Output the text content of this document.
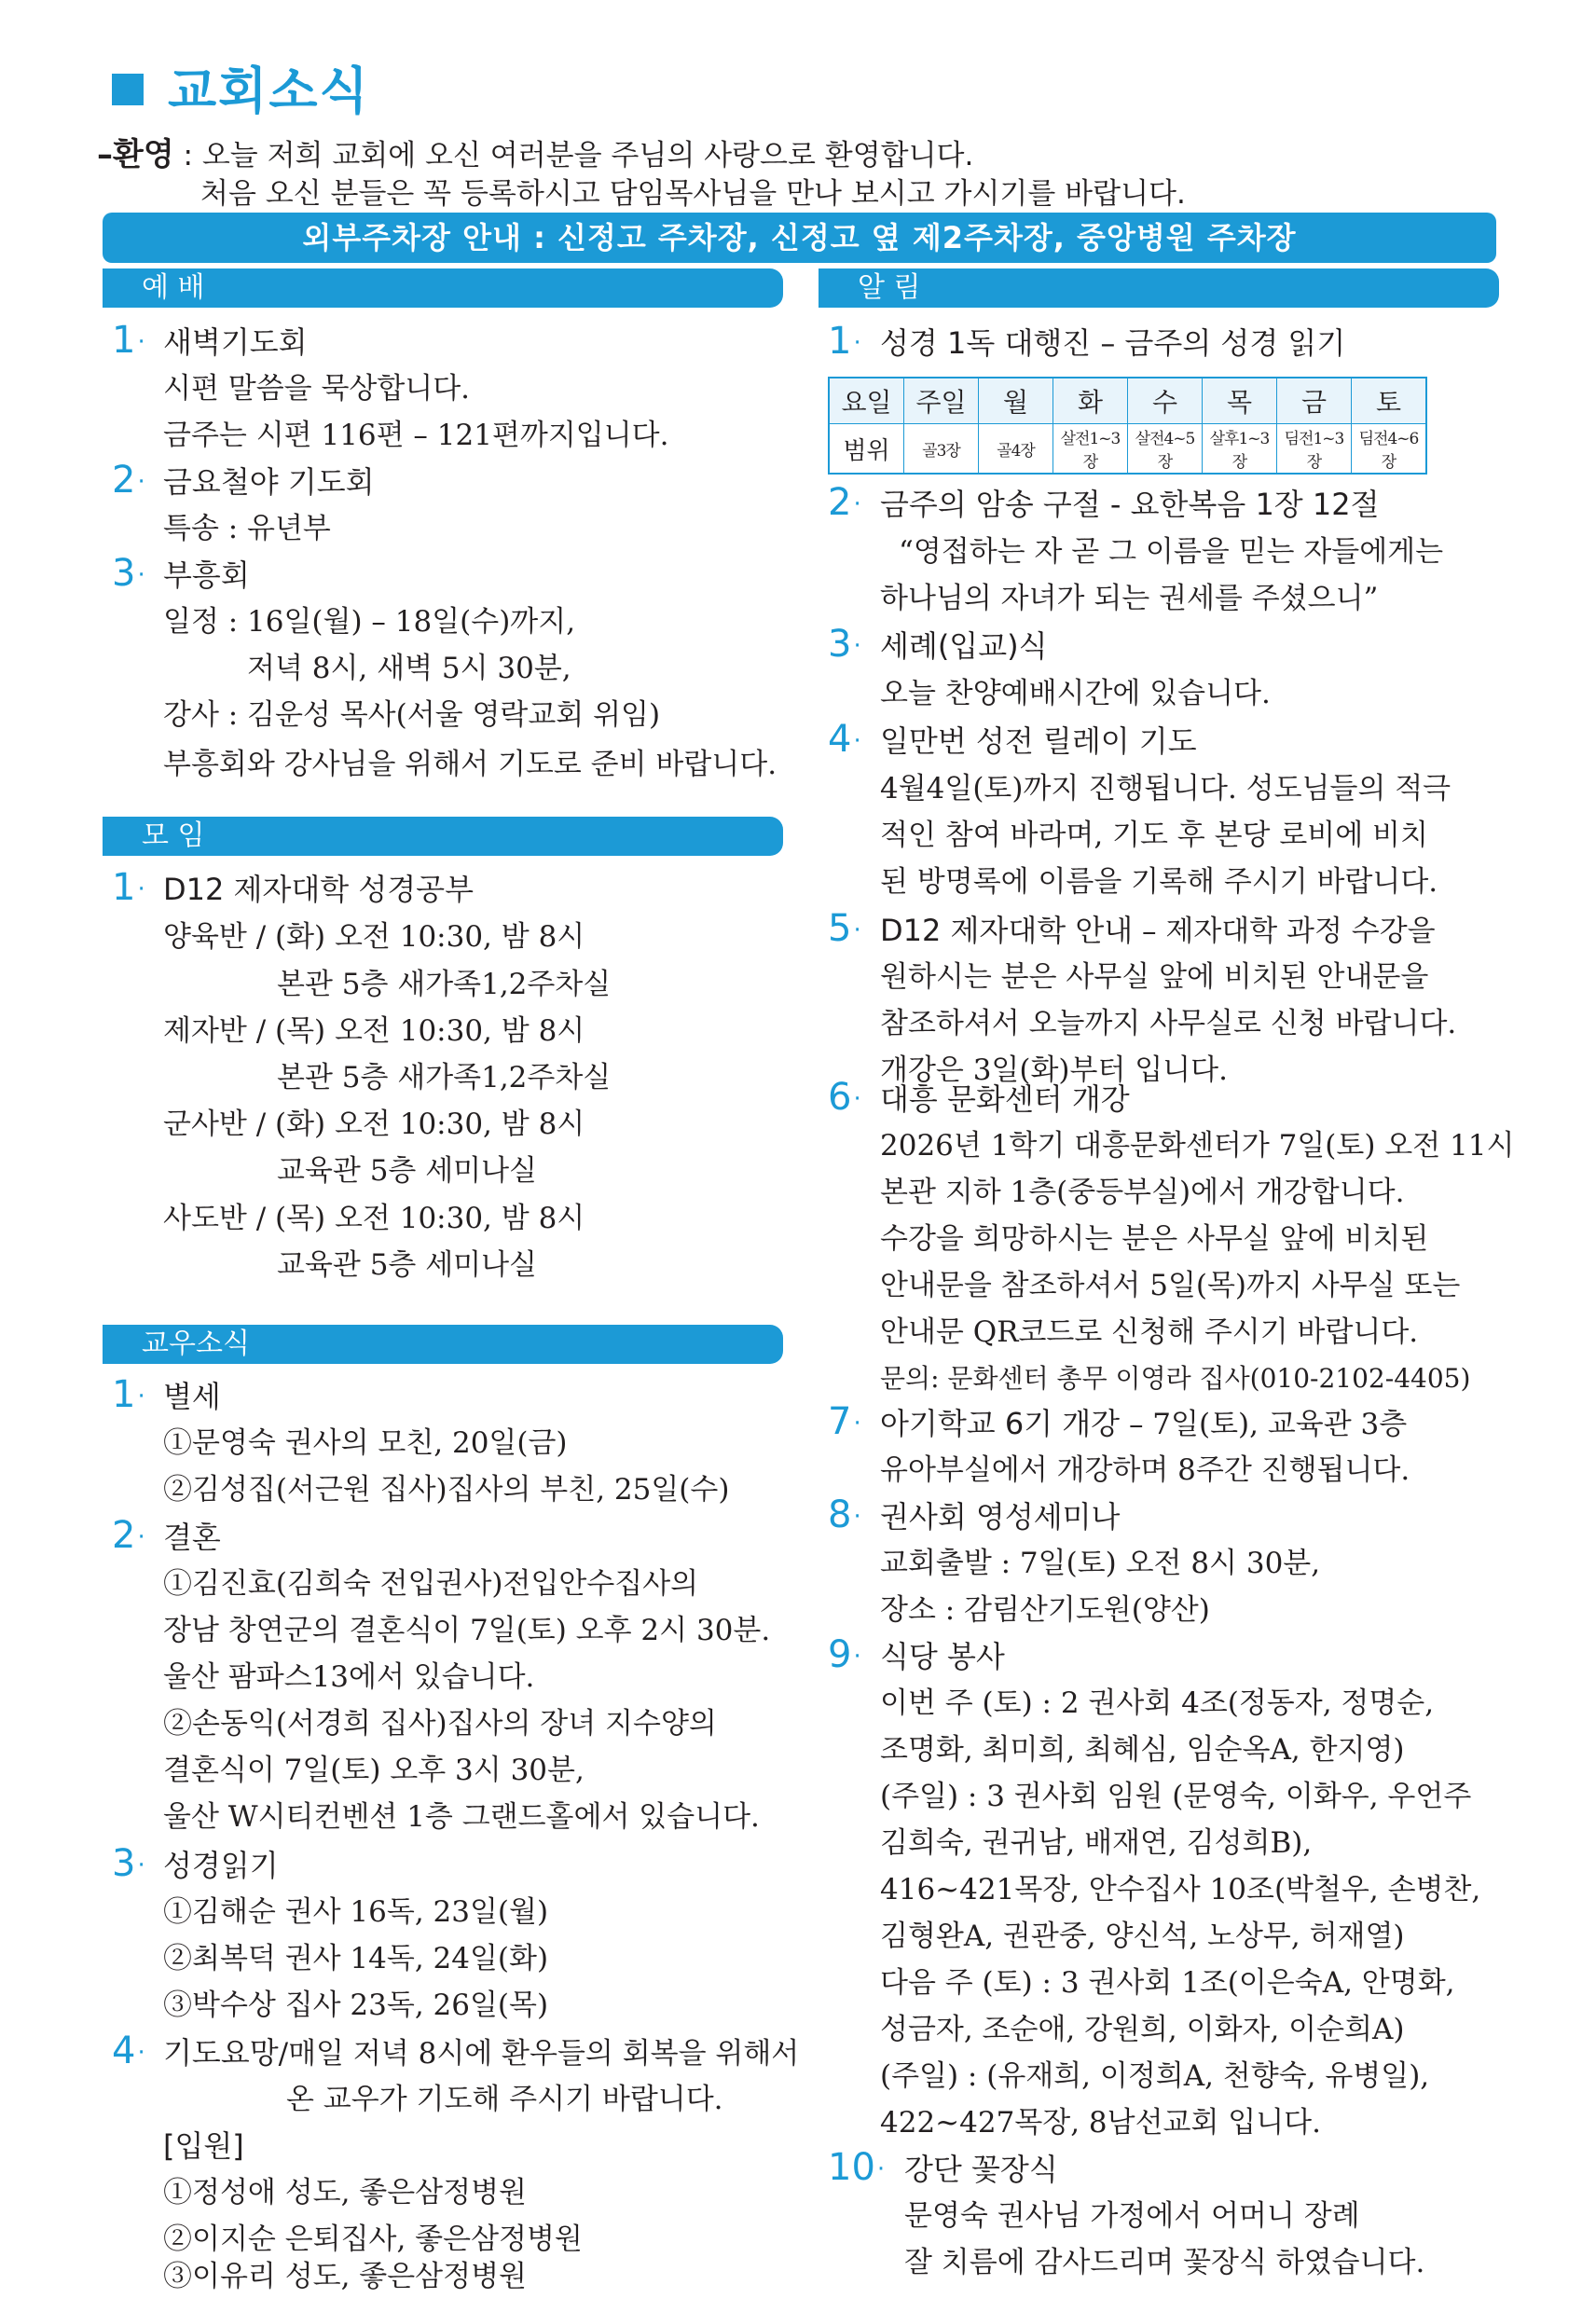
교회소식
–환영 : 오늘 저희 교회에 오신 여러분을 주님의 사랑으로 환영합니다.
처음 오신 분들은 꼭 등록하시고 담임목사님을 만나 보시고 가시기를 바랍니다.
외부주차장 안내 : 신정고 주차장, 신정고 옆 제2주차장, 중앙병원 주차장
예 배
1· 새벽기도회
시편 말씀을 묵상합니다.
금주는 시편 116편 – 121편까지입니다.
2· 금요철야 기도회
특송 : 유년부
3· 부흥회
일정 : 16일(월) – 18일(수)까지,
저녁 8시, 새벽 5시 30분,
강사 : 김운성 목사(서울 영락교회 위임)
부흥회와 강사님을 위해서 기도로 준비 바랍니다.
모 임
1· D12 제자대학 성경공부
양육반 / (화) 오전 10:30, 밤 8시
본관 5층 새가족1,2주차실
제자반 / (목) 오전 10:30, 밤 8시
본관 5층 새가족1,2주차실
군사반 / (화) 오전 10:30, 밤 8시
교육관 5층 세미나실
사도반 / (목) 오전 10:30, 밤 8시
교육관 5층 세미나실
교우소식
1· 별세
①문영숙 권사의 모친, 20일(금)
②김성집(서근원 집사)집사의 부친, 25일(수)
2· 결혼
①김진효(김희숙 전입권사)전입안수집사의
장남 창연군의 결혼식이 7일(토) 오후 2시 30분.
울산 팜파스13에서 있습니다.
②손동익(서경희 집사)집사의 장녀 지수양의
결혼식이 7일(토) 오후 3시 30분,
울산 W시티컨벤션 1층 그랜드홀에서 있습니다.
3· 성경읽기
①김해순 권사 16독, 23일(월)
②최복덕 권사 14독, 24일(화)
③박수상 집사 23독, 26일(목)
4· 기도요망/매일 저녁 8시에 환우들의 회복을 위해서
온 교우가 기도해 주시기 바랍니다.
[입원]
①정성애 성도, 좋은삼정병원
②이지순 은퇴집사, 좋은삼정병원
③이유리 성도, 좋은삼정병원
알 림
1· 성경 1독 대행진 – 금주의 성경 읽기
요일	주일	월	화	수	목	금	토
범위	골3장	골4장	살전1~3장	살전4~5장	살후1~3장	딤전1~3장	딤전4~6장
2· 금주의 암송 구절 - 요한복음 1장 12절
“영접하는 자 곧 그 이름을 믿는 자들에게는
하나님의 자녀가 되는 권세를 주셨으니”
3· 세례(입교)식
오늘 찬양예배시간에 있습니다.
4· 일만번 성전 릴레이 기도
4월4일(토)까지 진행됩니다. 성도님들의 적극
적인 참여 바라며, 기도 후 본당 로비에 비치
된 방명록에 이름을 기록해 주시기 바랍니다.
5· D12 제자대학 안내 – 제자대학 과정 수강을
원하시는 분은 사무실 앞에 비치된 안내문을
참조하셔서 오늘까지 사무실로 신청 바랍니다.
개강은 3일(화)부터 입니다.
6· 대흥 문화센터 개강
2026년 1학기 대흥문화센터가 7일(토) 오전 11시
본관 지하 1층(중등부실)에서 개강합니다.
수강을 희망하시는 분은 사무실 앞에 비치된
안내문을 참조하셔서 5일(목)까지 사무실 또는
안내문 QR코드로 신청해 주시기 바랍니다.
문의: 문화센터 총무 이영라 집사(010-2102-4405)
7· 아기학교 6기 개강 – 7일(토), 교육관 3층
유아부실에서 개강하며 8주간 진행됩니다.
8· 권사회 영성세미나
교회출발 : 7일(토) 오전 8시 30분,
장소 : 감림산기도원(양산)
9· 식당 봉사
이번 주 (토) : 2 권사회 4조(정동자, 정명순,
조명화, 최미희, 최혜심, 임순옥A, 한지영)
(주일) : 3 권사회 임원 (문영숙, 이화우, 우언주
김희숙, 권귀남, 배재연, 김성희B),
416~421목장, 안수집사 10조(박철우, 손병찬,
김형완A, 권관중, 양신석, 노상무, 허재열)
다음 주 (토) : 3 권사회 1조(이은숙A, 안명화,
성금자, 조순애, 강원희, 이화자, 이순희A)
(주일) : (유재희, 이정희A, 천향숙, 유병일),
422~427목장, 8남선교회 입니다.
10· 강단 꽃장식
문영숙 권사님 가정에서 어머니 장례
잘 치름에 감사드리며 꽃장식 하였습니다.
